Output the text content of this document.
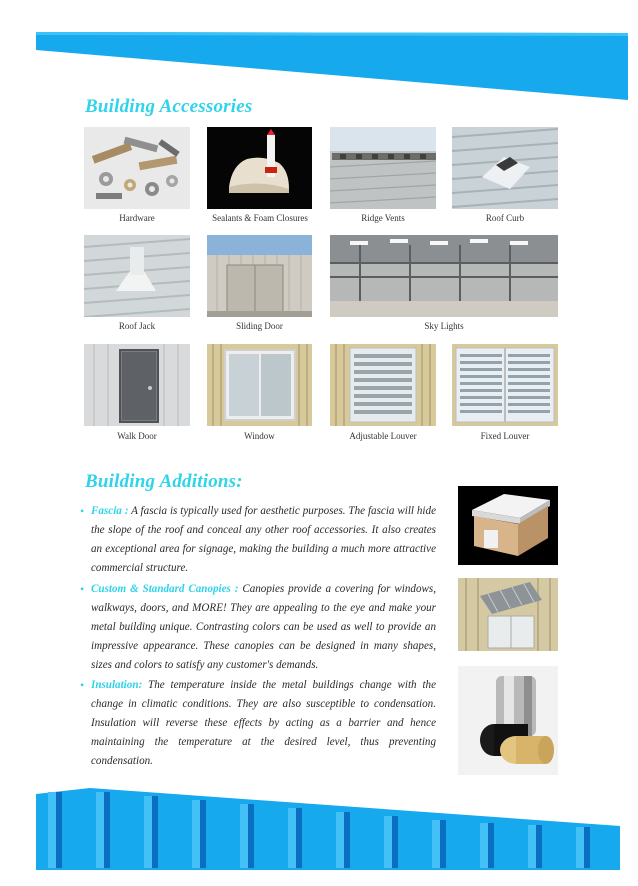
Building Accessories
Hardware	Sealants & Foam Closures	Ridge Vents	Roof Curb
Roof Jack	Sliding Door	Sky Lights
Walk Door	Window	Adjustable Louver	Fixed Louver
Building Additions:
• Fascia : A fascia is typically used for aesthetic purposes. The fascia will hide the slope of the roof and conceal any other roof accessories. It also creates an exceptional area for signage, making the building a much more attractive commercial structure.
• Custom & Standard Canopies : Canopies provide a covering for windows, walkways, doors, and MORE! They are appealing to the eye and make your metal building unique. Contrasting colors can be used as well to provide an impressive appearance. These canopies can be designed in many shapes, sizes and colors to satisfy any customer's demands.
• Insulation: The temperature inside the metal buildings change with the change in climatic conditions. They are also susceptible to condensation. Insulation will reverse these effects by acting as a barrier and hence maintaining the temperature at the desired level, thus preventing condensation.
